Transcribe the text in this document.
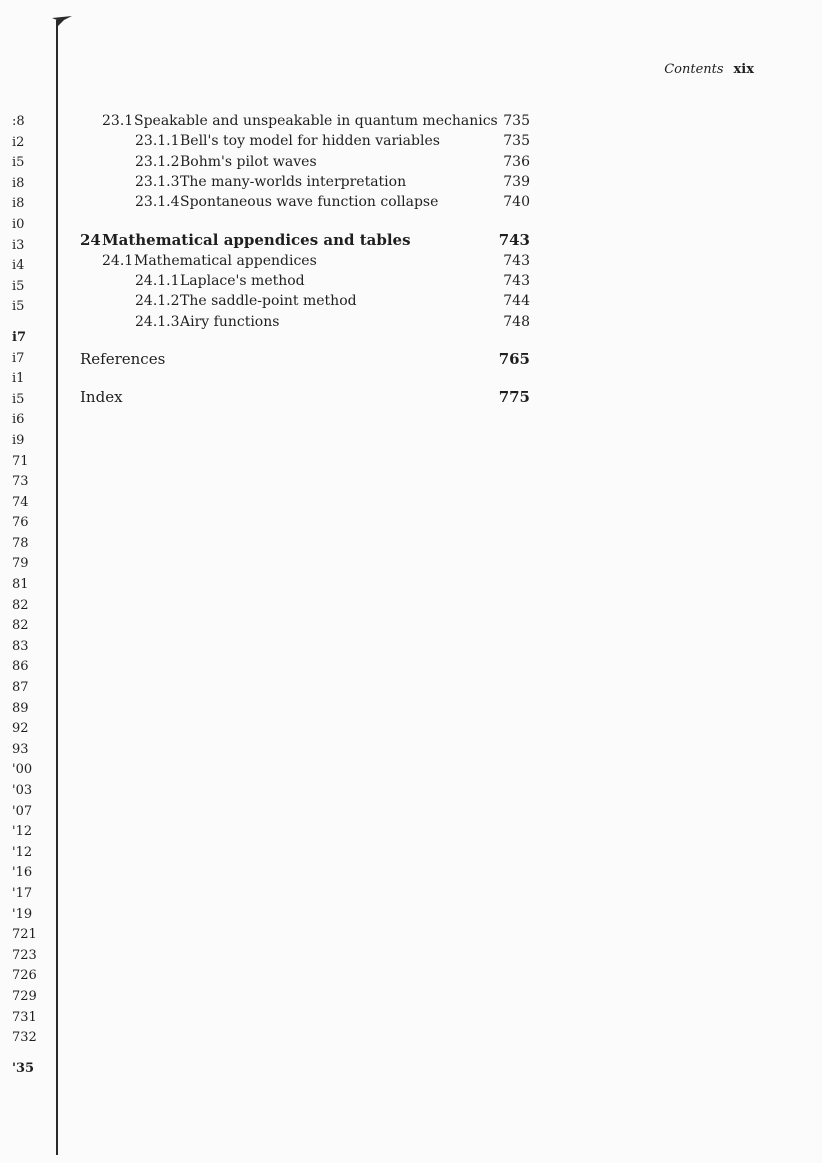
Contents xix
:8
i2
i5
i8
i8
i0
i3
i4
i5
i5
i7
i7
i1
i5
i6
i9
71
73
74
76
78
79
81
82
82
83
86
87
89
92
93
'00
'03
'07
'12
'12
'16
'17
'19
721
723
726
729
731
732
'35
23.1Speakable and unspeakable in quantum mechanics 735
23.1.1Bell's toy model for hidden variables	735
23.1.2Bohm's pilot waves	736
23.1.3The many-worlds interpretation	739
23.1.4Spontaneous wave function collapse	740
24Mathematical appendices and tables	743
24.1Mathematical appendices	743
24.1.1Laplace's method	743
24.1.2The saddle-point method	744
24.1.3Airy functions	748
References	765
Index	775
